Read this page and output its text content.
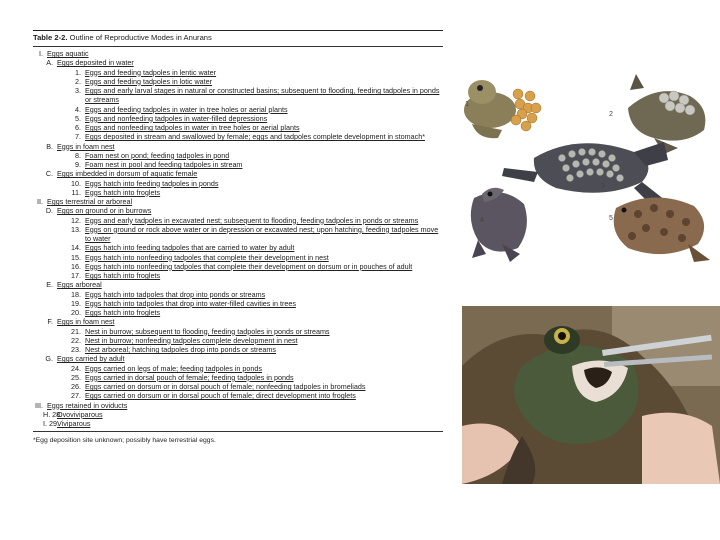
Table 2-2. Outline of Reproductive Modes in Anurans
I. Eggs aquatic
A. Eggs deposited in water
1. Eggs and feeding tadpoles in lentic water
2. Eggs and feeding tadpoles in lotic water
3. Eggs and early larval stages in natural or constructed basins; subsequent to flooding, feeding tadpoles in ponds or streams
4. Eggs and feeding tadpoles in water in tree holes or aerial plants
5. Eggs and nonfeeding tadpoles in water-filled depressions
6. Eggs and nonfeeding tadpoles in water in tree holes or aerial plants
7. Eggs deposited in stream and swallowed by female; eggs and tadpoles complete development in stomach*
B. Eggs in foam nest
8. Foam nest on pond; feeding tadpoles in pond
9. Foam nest in pool and feeding tadpoles in stream
C. Eggs imbedded in dorsum of aquatic female
10. Eggs hatch into feeding tadpoles in ponds
11. Eggs hatch into froglets
II. Eggs terrestrial or arboreal
D. Eggs on ground or in burrows
12. Eggs and early tadpoles in excavated nest; subsequent to flooding, feeding tadpoles in ponds or streams
13. Eggs on ground or rock above water or in depression or excavated nest; upon hatching, feeding tadpoles move to water
14. Eggs hatch into feeding tadpoles that are carried to water by adult
15. Eggs hatch into nonfeeding tadpoles that complete their development in nest
16. Eggs hatch into nonfeeding tadpoles that complete their development on dorsum or in pouches of adult
17. Eggs hatch into froglets
E. Eggs arboreal
18. Eggs hatch into tadpoles that drop into ponds or streams
19. Eggs hatch into tadpoles that drop into water-filled cavities in trees
20. Eggs hatch into froglets
F. Eggs in foam nest
21. Nest in burrow; subsequent to flooding, feeding tadpoles in ponds or streams
22. Nest in burrow; nonfeeding tadpoles complete development in nest
23. Nest arboreal; hatching tadpoles drop into ponds or streams
G. Eggs carried by adult
24. Eggs carried on legs of male; feeding tadpoles in ponds
25. Eggs carried in dorsal pouch of female; feeding tadpoles in ponds
26. Eggs carried on dorsum or in dorsal pouch of female; nonfeeding tadpoles in bromeliads
27. Eggs carried on dorsum or in dorsal pouch of female; direct development into froglets
III. Eggs retained in oviducts
H. 28.
Ovoviviparous
I. 29.
Viviparous
*Egg deposition site unknown; possibly have terrestrial eggs.
1
2
3
4	5
